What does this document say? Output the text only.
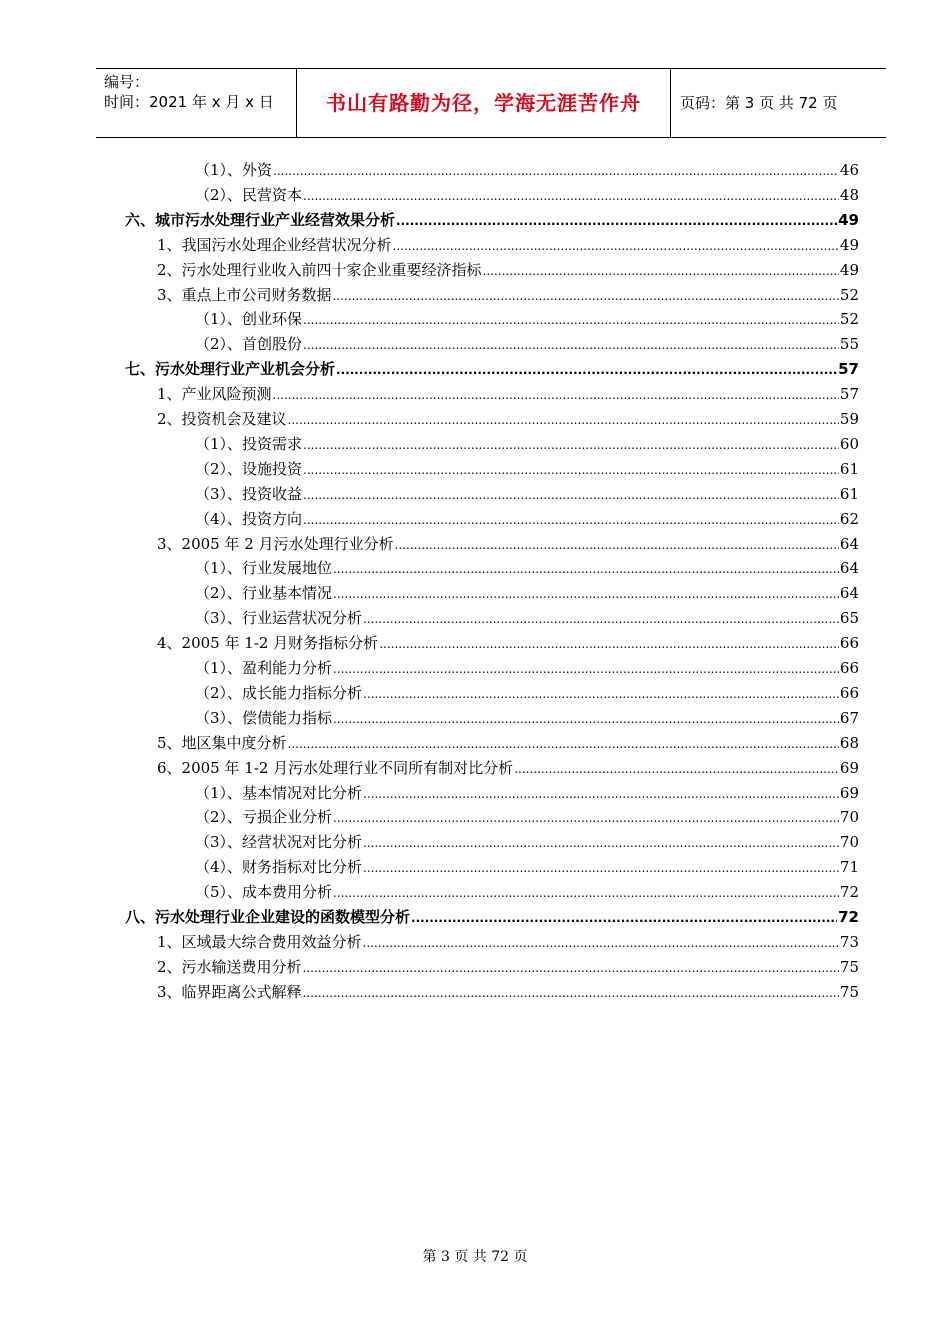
编号：
时间：2021 年 x 月 x 日	书山有路勤为径，学海无涯苦作舟	页码：第 3 页 共 72 页
（1）、外资 .....	46
（2）、民营资本 .....	48
六、城市污水处理行业产业经营效果分析 .....	49
1、我国污水处理企业经营状况分析 .....	49
2、污水处理行业收入前四十家企业重要经济指标 .....	49
3、重点上市公司财务数据 .....	52
（1）、创业环保 .....	52
（2）、首创股份 .....	55
七、污水处理行业产业机会分析 .....	57
1、产业风险预测 .....	57
2、投资机会及建议 .....	59
（1）、投资需求 .....	60
（2）、设施投资 .....	61
（3）、投资收益 .....	61
（4）、投资方向 .....	62
3、2005 年 2 月污水处理行业分析 .....	64
（1）、行业发展地位 .....	64
（2）、行业基本情况 .....	64
（3）、行业运营状况分析 .....	65
4、2005 年 1-2 月财务指标分析 .....	66
（1）、盈利能力分析 .....	66
（2）、成长能力指标分析 .....	66
（3）、偿债能力指标 .....	67
5、地区集中度分析 .....	68
6、2005 年 1-2 月污水处理行业不同所有制对比分析 .....	69
（1）、基本情况对比分析 .....	69
（2）、亏损企业分析 .....	70
（3）、经营状况对比分析 .....	70
（4）、财务指标对比分析 .....	71
（5）、成本费用分析 .....	72
八、污水处理行业企业建设的函数模型分析 .....	72
1、区域最大综合费用效益分析 .....	73
2、污水输送费用分析 .....	75
3、临界距离公式解释 .....	75
第 3 页 共 72 页
